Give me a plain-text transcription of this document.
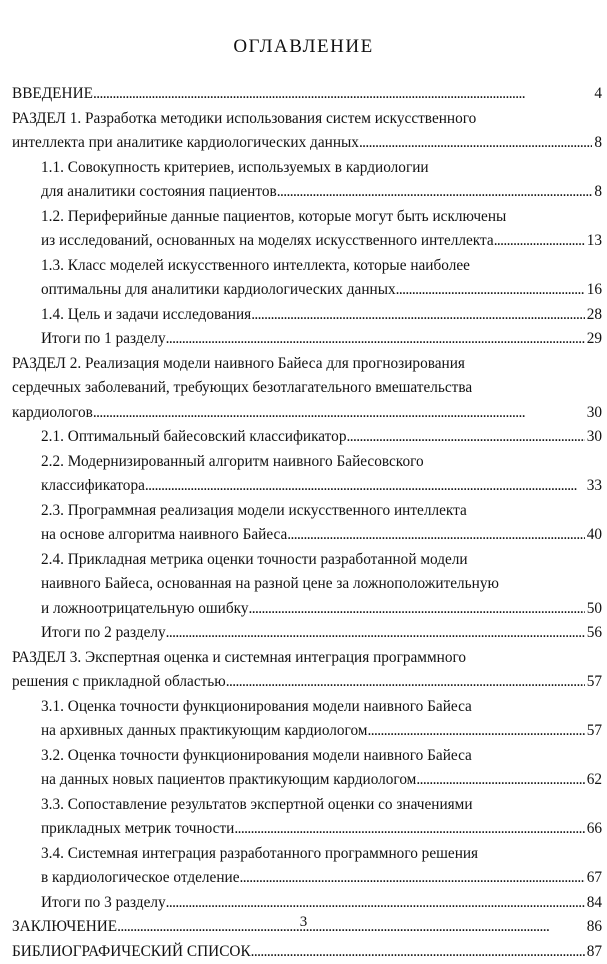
ОГЛАВЛЕНИЕ
ВВЕДЕНИЕ . . .	4
РАЗДЕЛ 1. Разработка методики использования систем искусственного
интеллекта при аналитике кардиологических данных . . .	8
1.1. Совокупность критериев, используемых в кардиологии
для аналитики состояния пациентов . . .	8
1.2. Периферийные данные пациентов, которые могут быть исключены
из исследований, основанных на моделях искусственного интеллекта . . .	13
1.3. Класс моделей искусственного интеллекта, которые наиболее
оптимальны для аналитики кардиологических данных . . .	16
1.4. Цель и задачи исследования . . .	28
Итоги по 1 разделу . . .	29
РАЗДЕЛ 2. Реализация модели наивного Байеса для прогнозирования
сердечных заболеваний, требующих безотлагательного вмешательства
кардиологов . . .	30
2.1. Оптимальный байесовский классификатор . . .	30
2.2. Модернизированный алгоритм наивного Байесовского
классификатора . . .	33
2.3. Программная реализация модели искусственного интеллекта
на основе алгоритма наивного Байеса . . .	40
2.4. Прикладная метрика оценки точности разработанной модели
наивного Байеса, основанная на разной цене за ложноположительную
и ложноотрицательную ошибку . . .	50
Итоги по 2 разделу . . .	56
РАЗДЕЛ 3. Экспертная оценка и системная интеграция программного
решения с прикладной областью . . .	57
3.1. Оценка точности функционирования модели наивного Байеса
на архивных данных практикующим кардиологом . . .	57
3.2. Оценка точности функционирования модели наивного Байеса
на данных новых пациентов практикующим кардиологом . . .	62
3.3. Сопоставление результатов экспертной оценки со значениями
прикладных метрик точности . . .	66
3.4. Системная интеграция разработанного программного решения
в кардиологическое отделение . . .	67
Итоги по 3 разделу . . .	84
ЗАКЛЮЧЕНИЕ . . .	86
БИБЛИОГРАФИЧЕСКИЙ СПИСОК . . .	87
3
